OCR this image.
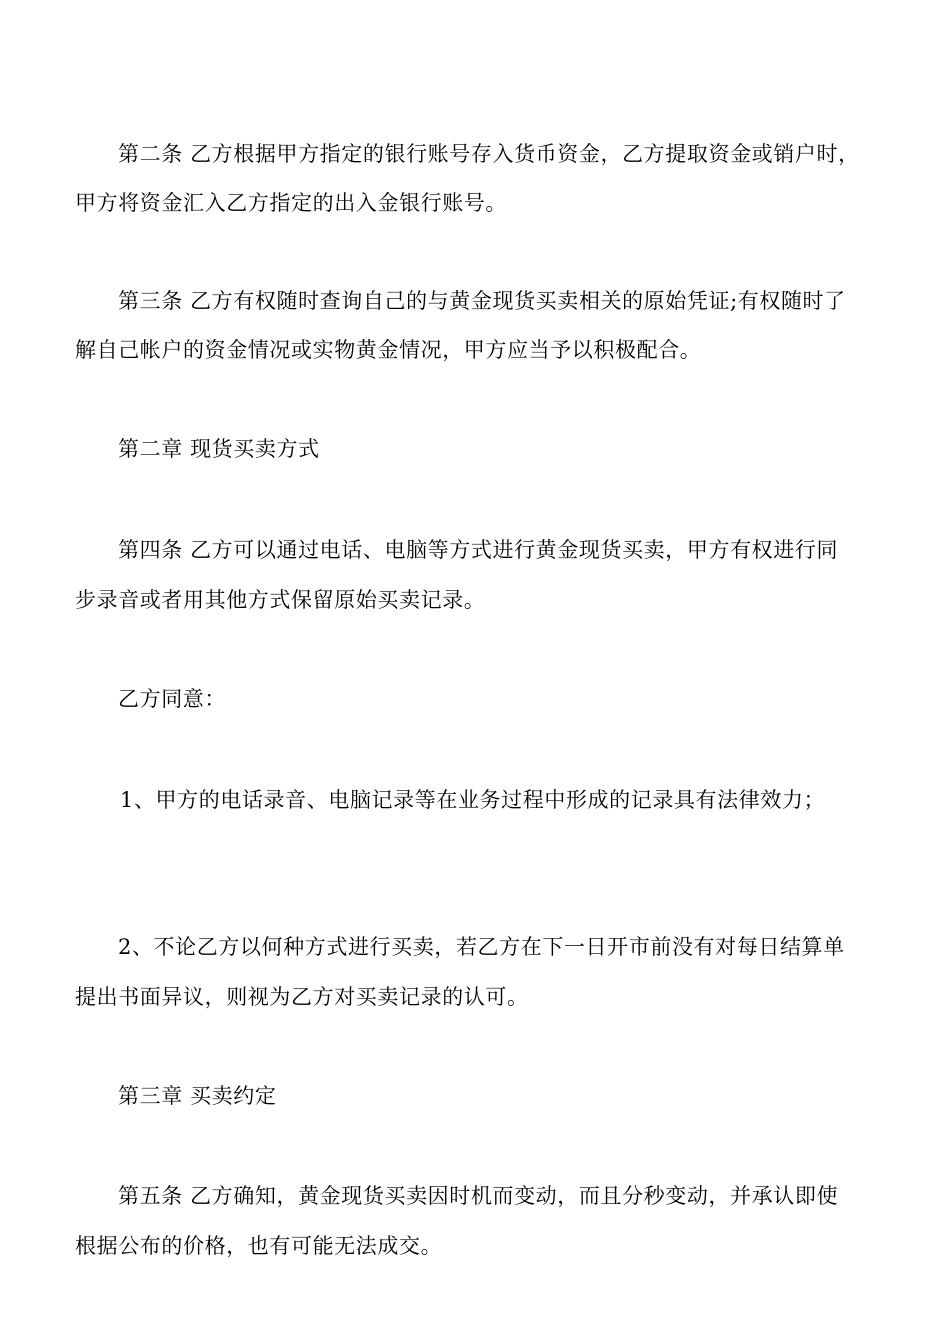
第二条 乙方根据甲方指定的银行账号存入货币资金，乙方提取资金或销户时，
甲方将资金汇入乙方指定的出入金银行账号。
第三条 乙方有权随时查询自己的与黄金现货买卖相关的原始凭证;有权随时了
解自己帐户的资金情况或实物黄金情况，甲方应当予以积极配合。
第二章 现货买卖方式
第四条 乙方可以通过电话、电脑等方式进行黄金现货买卖，甲方有权进行同
步录音或者用其他方式保留原始买卖记录。
乙方同意：
1、甲方的电话录音、电脑记录等在业务过程中形成的记录具有法律效力；
2、不论乙方以何种方式进行买卖，若乙方在下一日开市前没有对每日结算单
提出书面异议，则视为乙方对买卖记录的认可。
第三章 买卖约定
第五条 乙方确知，黄金现货买卖因时机而变动，而且分秒变动，并承认即使
根据公布的价格，也有可能无法成交。
